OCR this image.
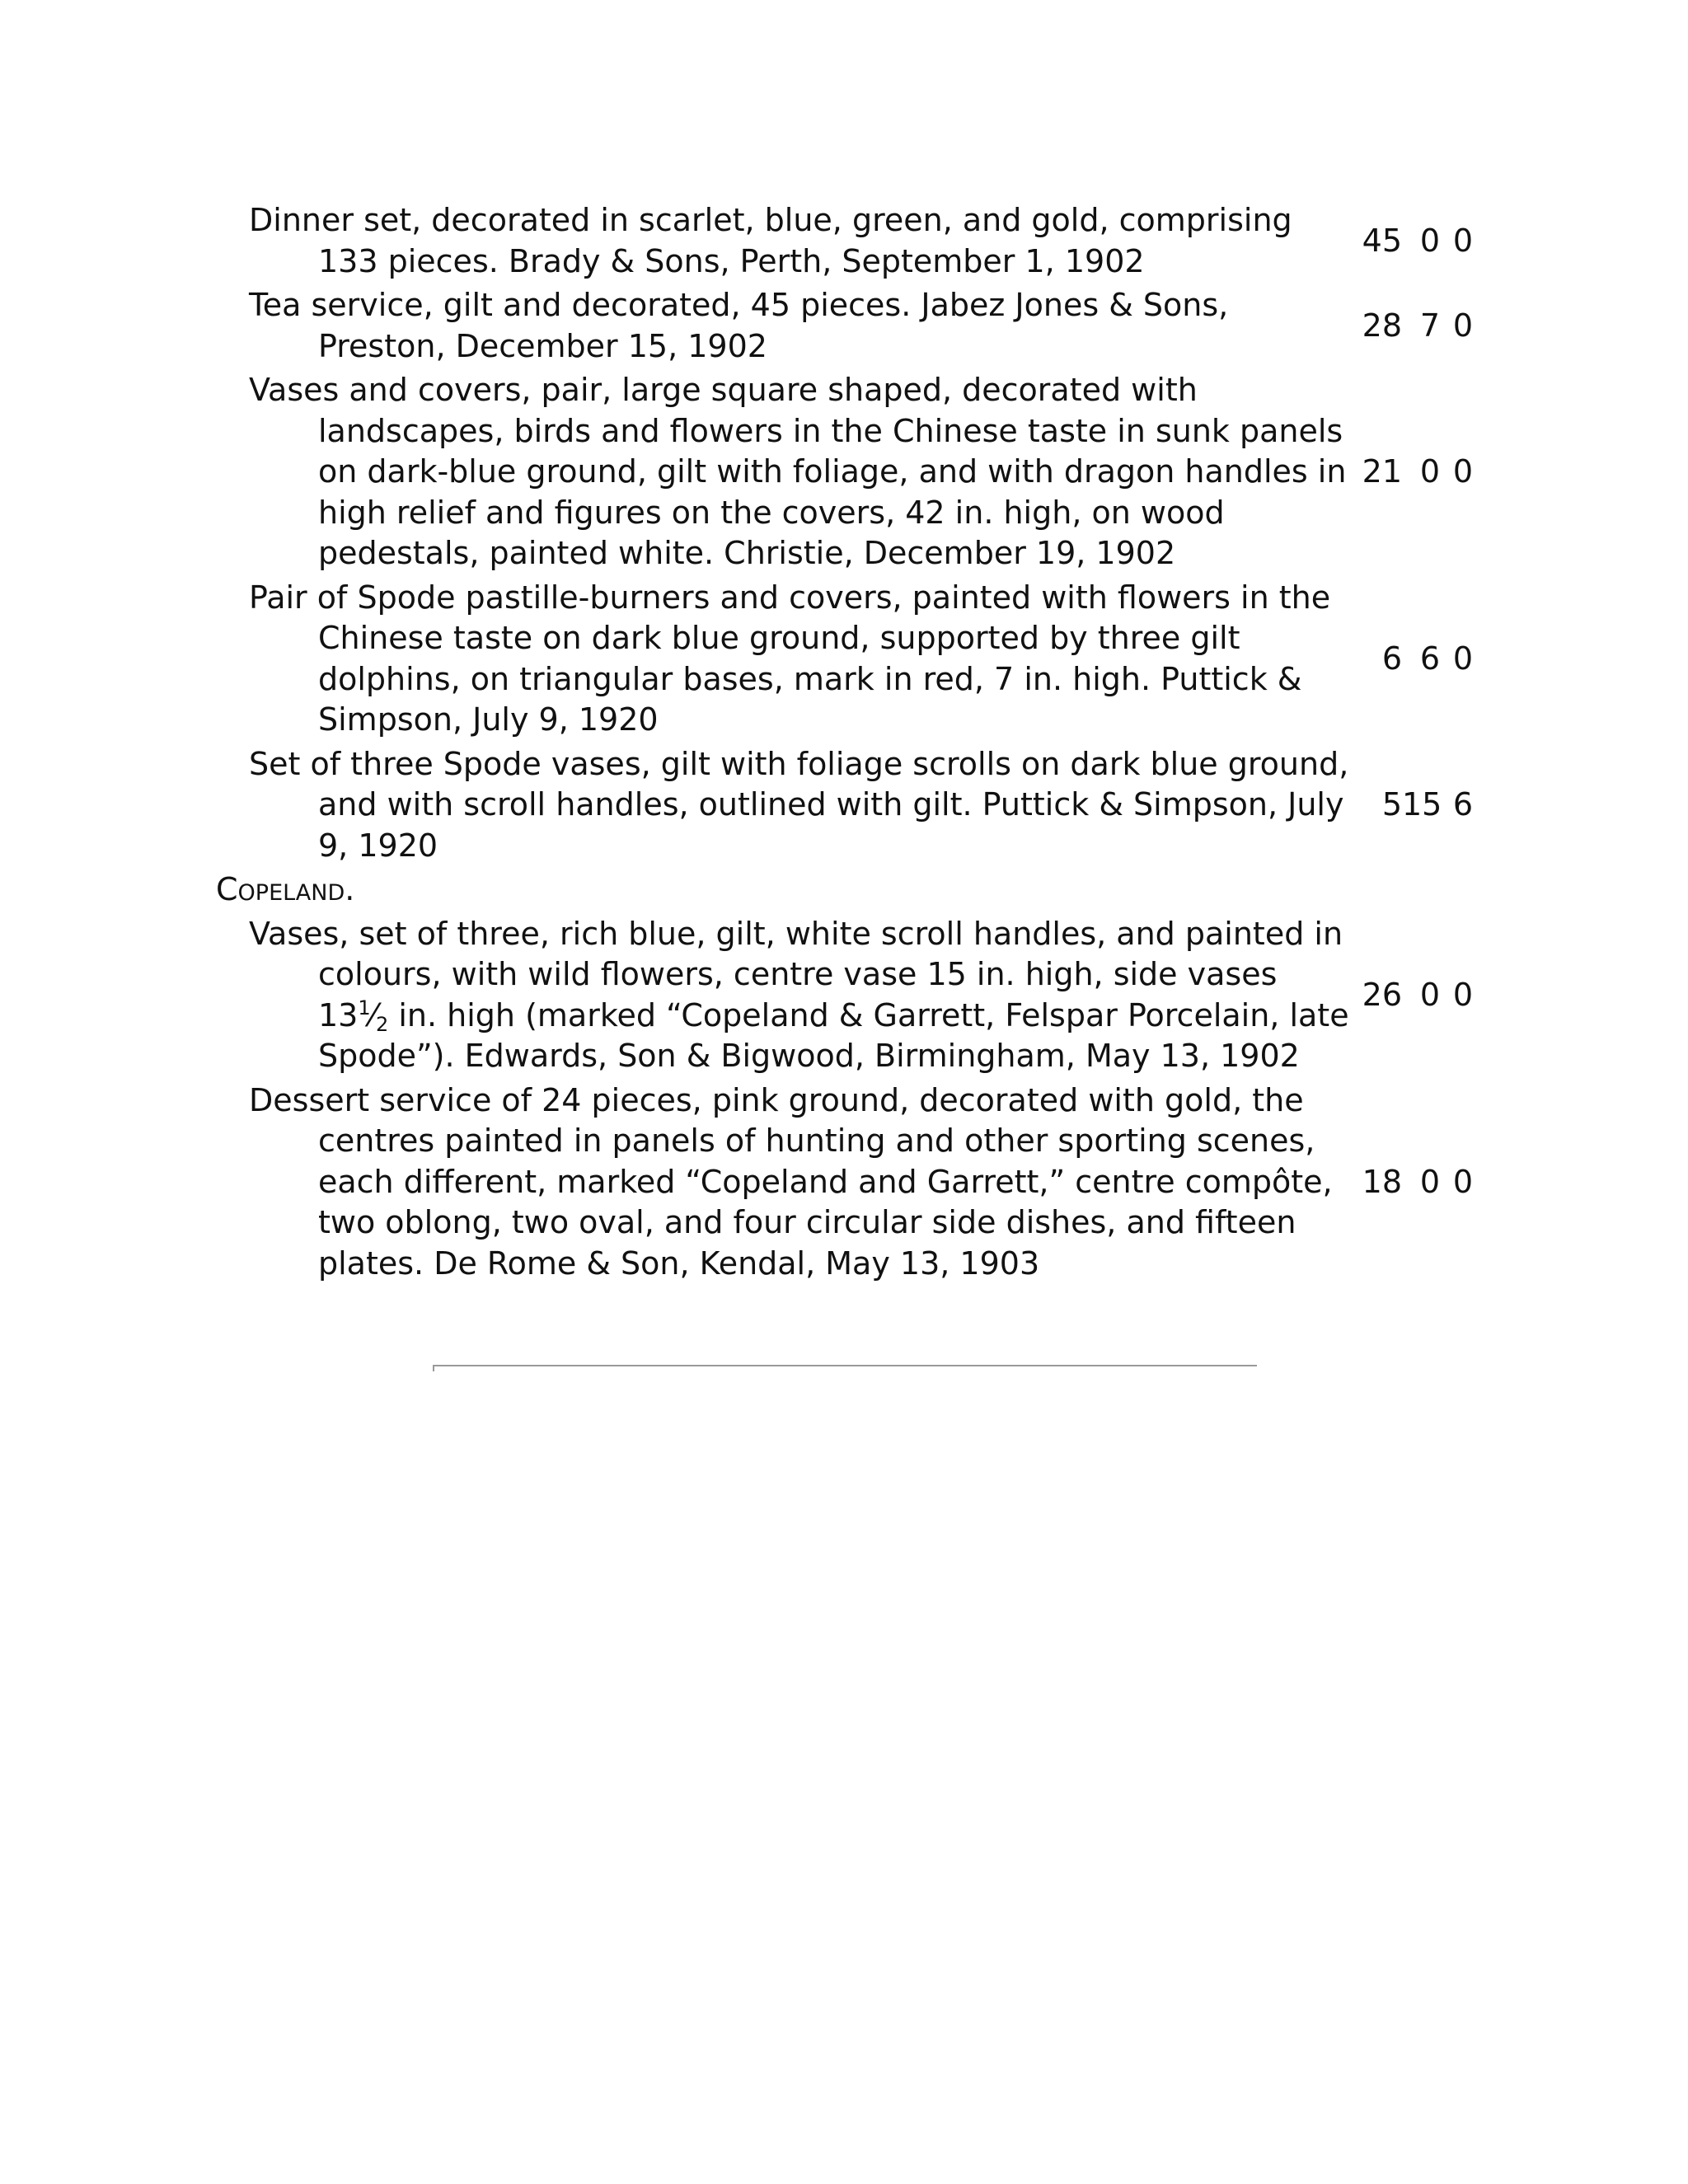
Dinner set, decorated in scarlet, blue, green, and gold, comprising 133 pieces. Brady & Sons, Perth, September 1, 1902
45 0 0
Tea service, gilt and decorated, 45 pieces. Jabez Jones & Sons, Preston, December 15, 1902
28 7 0
Vases and covers, pair, large square shaped, decorated with landscapes, birds and flowers in the Chinese taste in sunk panels on dark-blue ground, gilt with foliage, and with dragon handles in high relief and figures on the covers, 42 in. high, on wood pedestals, painted white. Christie, December 19, 1902
21 0 0
Pair of Spode pastille-burners and covers, painted with flowers in the Chinese taste on dark blue ground, supported by three gilt dolphins, on triangular bases, mark in red, 7 in. high. Puttick & Simpson, July 9, 1920
6 6 0
Set of three Spode vases, gilt with foliage scrolls on dark blue ground, and with scroll handles, outlined with gilt. Puttick & Simpson, July 9, 1920
5 15 6
Copeland.
Vases, set of three, rich blue, gilt, white scroll handles, and painted in colours, with wild flowers, centre vase 15 in. high, side vases $13^1⁄_2$ in. high (marked “Copeland & Garrett, Felspar Porcelain, late Spode”). Edwards, Son & Bigwood, Birmingham, May 13, 1902
26 0 0
Dessert service of 24 pieces, pink ground, decorated with gold, the centres painted in panels of hunting and other sporting scenes, each different, marked “Copeland and Garrett,” centre compôte, two oblong, two oval, and four circular side dishes, and fifteen plates. De Rome & Son, Kendal, May 13, 1903
18 0 0
